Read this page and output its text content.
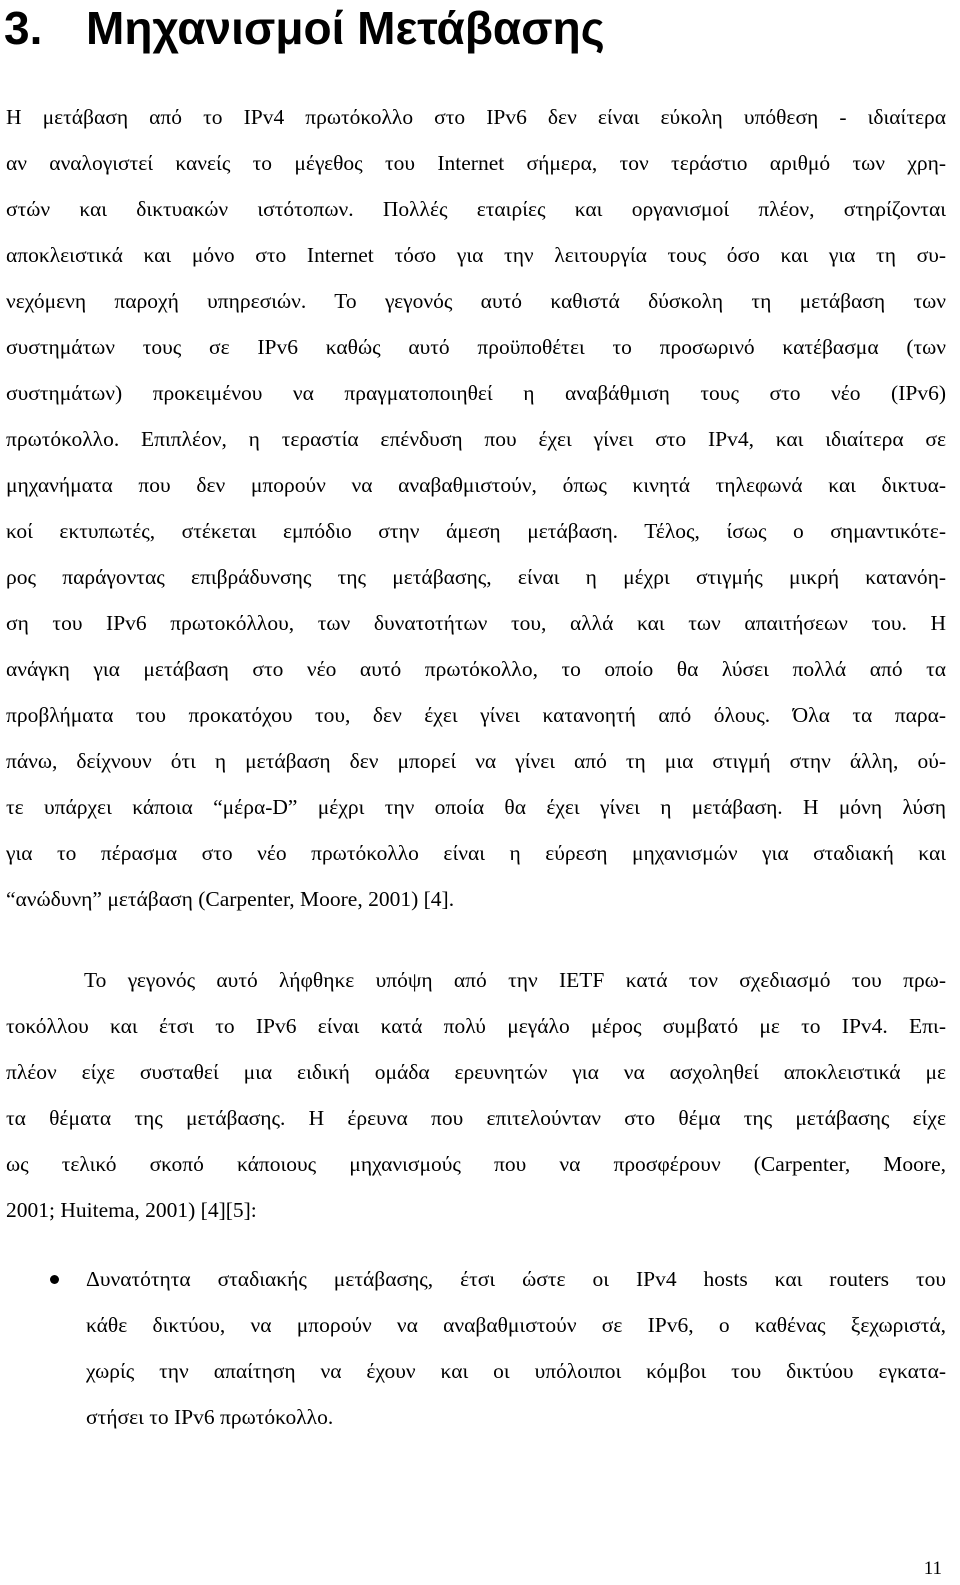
3. Μηχανισμοί Μετάβασης
Η μετάβαση από το IPv4 πρωτόκολλο στο IPv6 δεν είναι εύκολη υπόθεση - ιδιαίτερα
αν αναλογιστεί κανείς το μέγεθος του Internet σήμερα, τον τεράστιο αριθμό των χρη-
στών και δικτυακών ιστότοπων. Πολλές εταιρίες και οργανισμοί πλέον, στηρίζονται
αποκλειστικά και μόνο στο Internet τόσο για την λειτουργία τους όσο και για τη συ-
νεχόμενη παροχή υπηρεσιών. Το γεγονός αυτό καθιστά δύσκολη τη μετάβαση των
συστημάτων τους σε IPv6 καθώς αυτό προϋποθέτει το προσωρινό κατέβασμα (των
συστημάτων) προκειμένου να πραγματοποιηθεί η αναβάθμιση τους στο νέο (IPv6)
πρωτόκολλο. Επιπλέον, η τεραστία επένδυση που έχει γίνει στο IPv4, και ιδιαίτερα σε
μηχανήματα που δεν μπορούν να αναβαθμιστούν, όπως κινητά τηλεφωνά και δικτυα-
κοί εκτυπωτές, στέκεται εμπόδιο στην άμεση μετάβαση. Τέλος, ίσως ο σημαντικότε-
ρος παράγοντας επιβράδυνσης της μετάβασης, είναι η μέχρι στιγμής μικρή κατανόη-
ση του IPv6 πρωτοκόλλου, των δυνατοτήτων του, αλλά και των απαιτήσεων του. Η
ανάγκη για μετάβαση στο νέο αυτό πρωτόκολλο, το οποίο θα λύσει πολλά από τα
προβλήματα του προκατόχου του, δεν έχει γίνει κατανοητή από όλους. Όλα τα παρα-
πάνω, δείχνουν ότι η μετάβαση δεν μπορεί να γίνει από τη μια στιγμή στην άλλη, ού-
τε υπάρχει κάποια “μέρα-D” μέχρι την οποία θα έχει γίνει η μετάβαση. Η μόνη λύση
για το πέρασμα στο νέο πρωτόκολλο είναι η εύρεση μηχανισμών για σταδιακή και
“ανώδυνη” μετάβαση (Carpenter, Moore, 2001) [4].
Το γεγονός αυτό λήφθηκε υπόψη από την IETF κατά τον σχεδιασμό του πρω-
τοκόλλου και έτσι το IPv6 είναι κατά πολύ μεγάλο μέρος συμβατό με το IPv4. Επι-
πλέον είχε συσταθεί μια ειδική ομάδα ερευνητών για να ασχοληθεί αποκλειστικά με
τα θέματα της μετάβασης. Η έρευνα που επιτελούνταν στο θέμα της μετάβασης είχε
ως τελικό σκοπό κάποιους μηχανισμούς που να προσφέρουν (Carpenter, Moore,
2001; Huitema, 2001) [4][5]:
Δυνατότητα σταδιακής μετάβασης, έτσι ώστε οι IPv4 hosts και routers του
κάθε δικτύου, να μπορούν να αναβαθμιστούν σε IPv6, ο καθένας ξεχωριστά,
χωρίς την απαίτηση να έχουν και οι υπόλοιποι κόμβοι του δικτύου εγκατα-
στήσει το IPv6 πρωτόκολλο.
11
